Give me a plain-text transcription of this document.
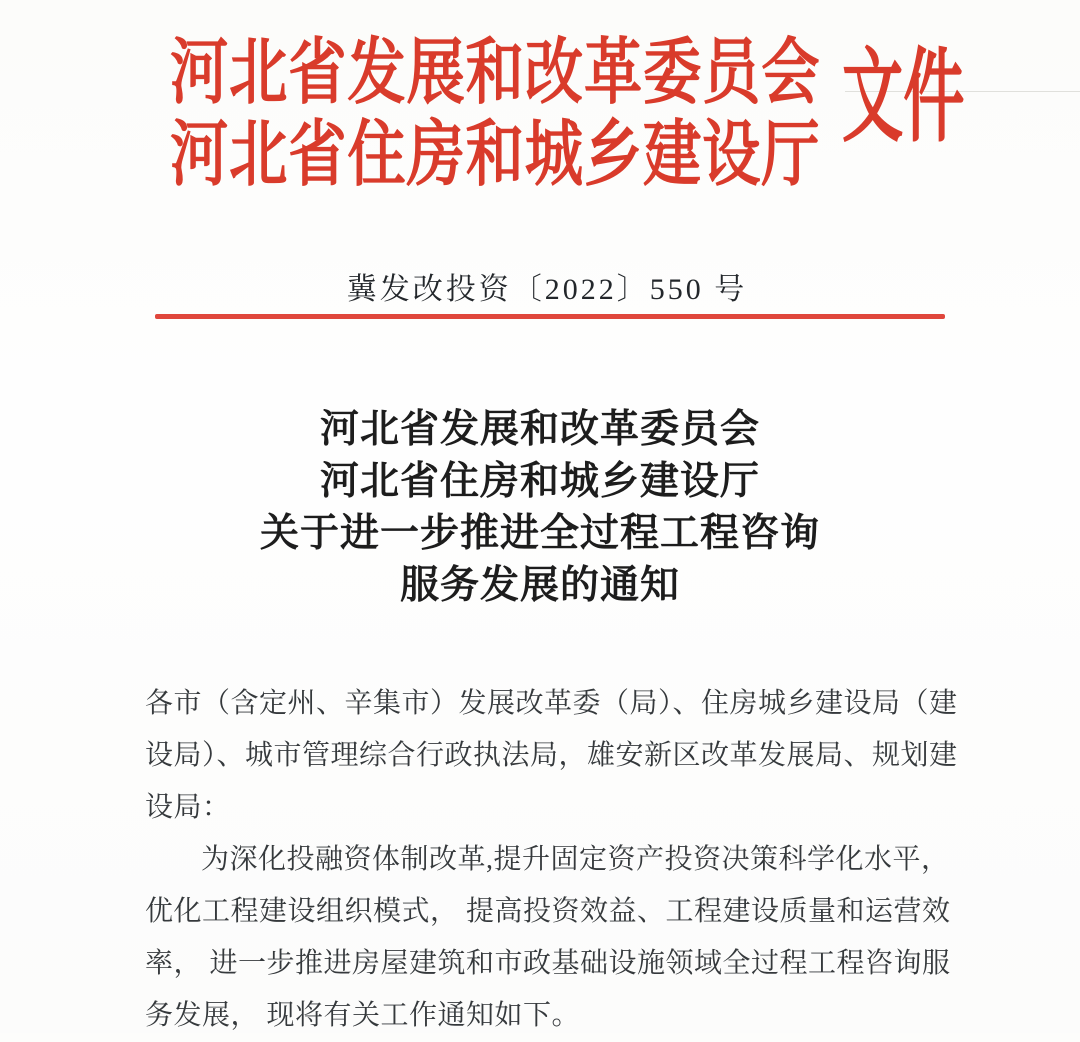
河北省发展和改革委员会
河北省住房和城乡建设厅 文件
冀发改投资〔2022〕550 号
河北省发展和改革委员会
河北省住房和城乡建设厅
关于进一步推进全过程工程咨询
服务发展的通知
各市（含定州、辛集市）发展改革委（局）、住房城乡建设局（建
设局）、城市管理综合行政执法局，雄安新区改革发展局、规划建
设局：
为深化投融资体制改革,提升固定资产投资决策科学化水平，
优化工程建设组织模式， 提高投资效益、工程建设质量和运营效
率， 进一步推进房屋建筑和市政基础设施领域全过程工程咨询服
务发展， 现将有关工作通知如下。
